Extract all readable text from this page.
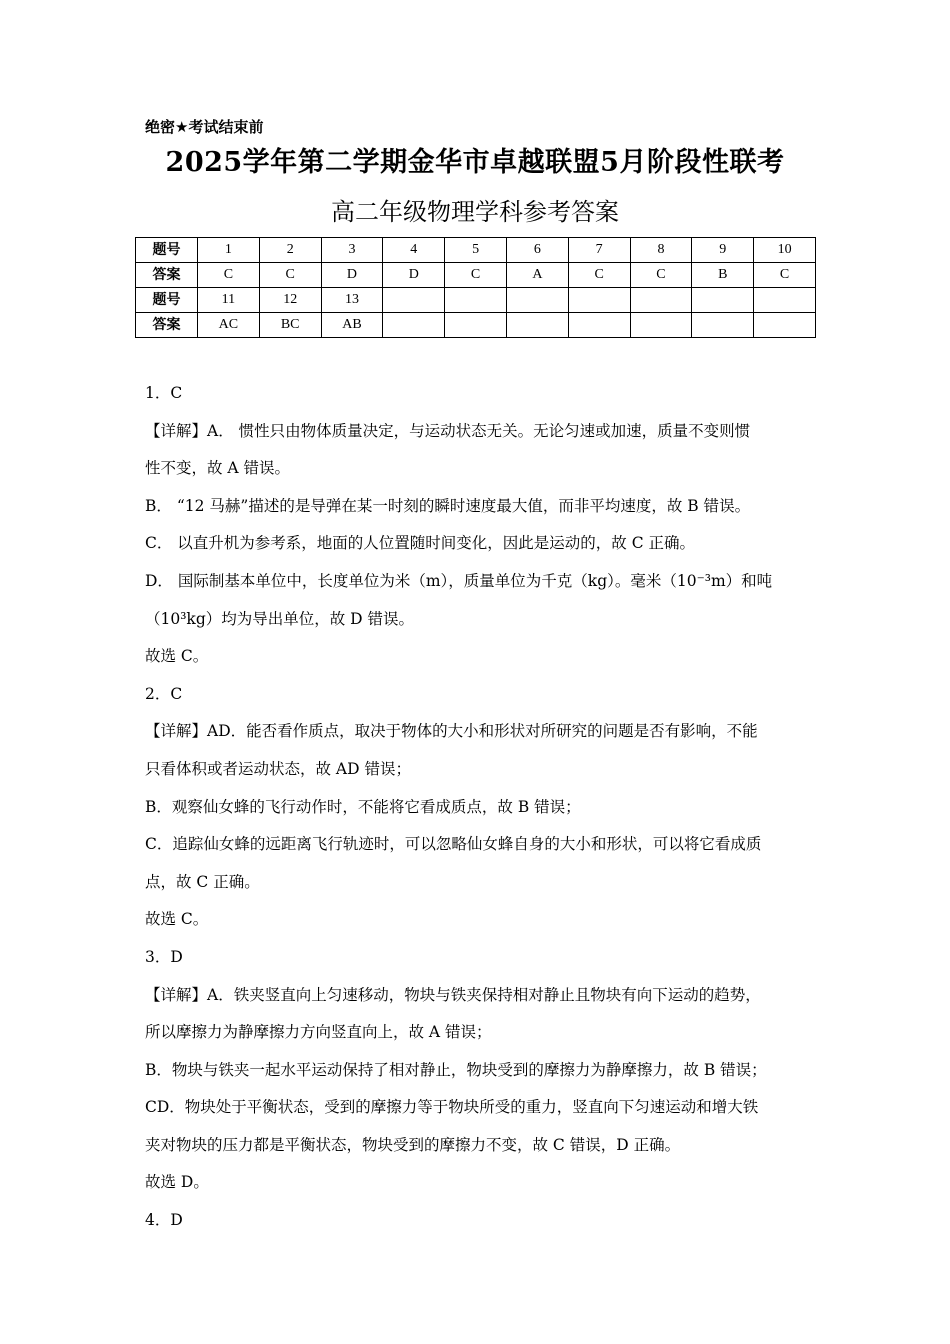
绝密★考试结束前
2025学年第二学期金华市卓越联盟5月阶段性联考
高二年级物理学科参考答案
题号	1	2	3	4	5	6	7	8	9	10
答案	C	C	D	D	C	A	C	C	B	C
题号	11	12	13							
答案	AC	BC	AB							

1．C

【详解】A． 惯性只由物体质量决定，与运动状态无关。无论匀速或加速，质量不变则惯

性不变，故 A 错误。

B． “12 马赫”描述的是导弹在某一时刻的瞬时速度最大值，而非平均速度，故 B 错误。

C． 以直升机为参考系，地面的人位置随时间变化，因此是运动的，故 C 正确。

D． 国际制基本单位中，长度单位为米（m），质量单位为千克（kg）。毫米（10⁻³m）和吨

（10³kg）均为导出单位，故 D 错误。

故选 C。

2．C

【详解】AD．能否看作质点，取决于物体的大小和形状对所研究的问题是否有影响，不能

只看体积或者运动状态，故 AD 错误；

B．观察仙女蜂的飞行动作时，不能将它看成质点，故 B 错误；

C．追踪仙女蜂的远距离飞行轨迹时，可以忽略仙女蜂自身的大小和形状，可以将它看成质

点，故 C 正确。

故选 C。

3．D

【详解】A．铁夹竖直向上匀速移动，物块与铁夹保持相对静止且物块有向下运动的趋势，

所以摩擦力为静摩擦力方向竖直向上，故 A 错误；

B．物块与铁夹一起水平运动保持了相对静止，物块受到的摩擦力为静摩擦力，故 B 错误；

CD．物块处于平衡状态，受到的摩擦力等于物块所受的重力，竖直向下匀速运动和增大铁

夹对物块的压力都是平衡状态，物块受到的摩擦力不变，故 C 错误，D 正确。

故选 D。

4．D
